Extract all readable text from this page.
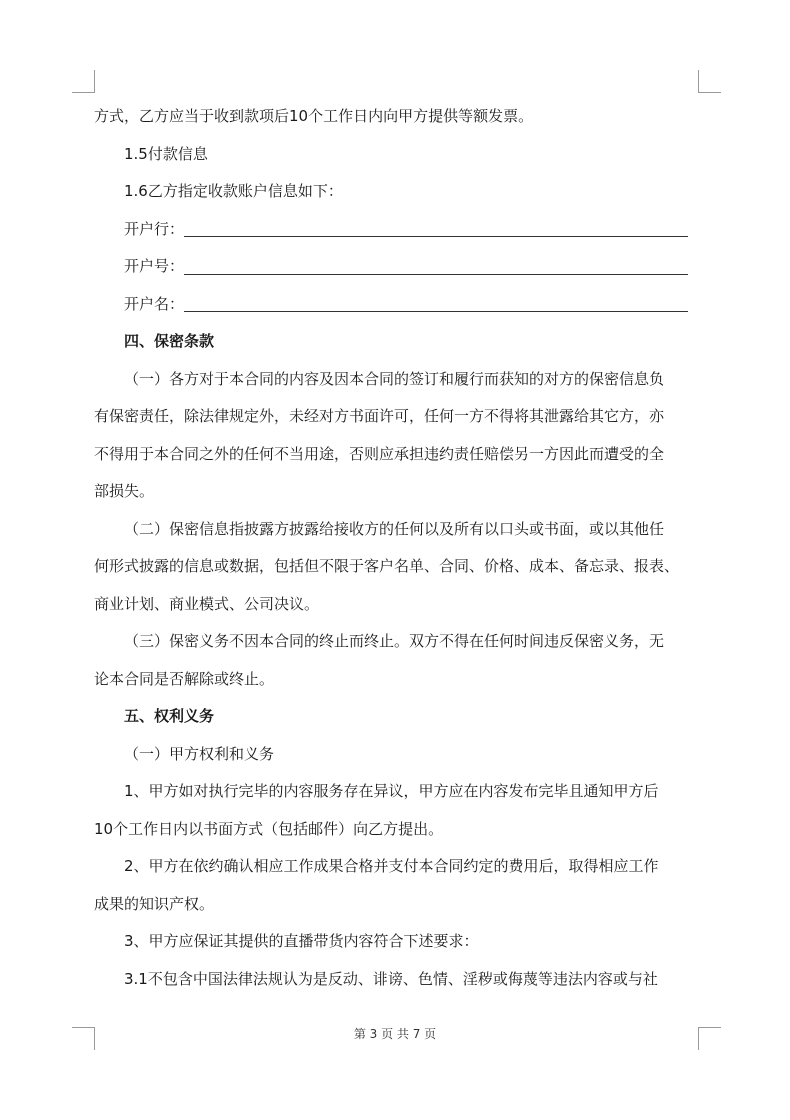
方式，乙方应当于收到款项后10个工作日内向甲方提供等额发票。

1.5付款信息

1.6乙方指定收款账户信息如下：

开户行：
开户号：
开户名：

四、保密条款

（一）各方对于本合同的内容及因本合同的签订和履行而获知的对方的保密信息负

有保密责任，除法律规定外，未经对方书面许可，任何一方不得将其泄露给其它方，亦

不得用于本合同之外的任何不当用途，否则应承担违约责任赔偿另一方因此而遭受的全

部损失。

（二）保密信息指披露方披露给接收方的任何以及所有以口头或书面，或以其他任

何形式披露的信息或数据，包括但不限于客户名单、合同、价格、成本、备忘录、报表、

商业计划、商业模式、公司决议。

（三）保密义务不因本合同的终止而终止。双方不得在任何时间违反保密义务，无

论本合同是否解除或终止。

五、权利义务

（一）甲方权利和义务

1、甲方如对执行完毕的内容服务存在异议，甲方应在内容发布完毕且通知甲方后

10个工作日内以书面方式（包括邮件）向乙方提出。

2、甲方在依约确认相应工作成果合格并支付本合同约定的费用后，取得相应工作

成果的知识产权。

3、甲方应保证其提供的直播带货内容符合下述要求：

3.1不包含中国法律法规认为是反动、诽谤、色情、淫秽或侮蔑等违法内容或与社

第 3 页 共 7 页
